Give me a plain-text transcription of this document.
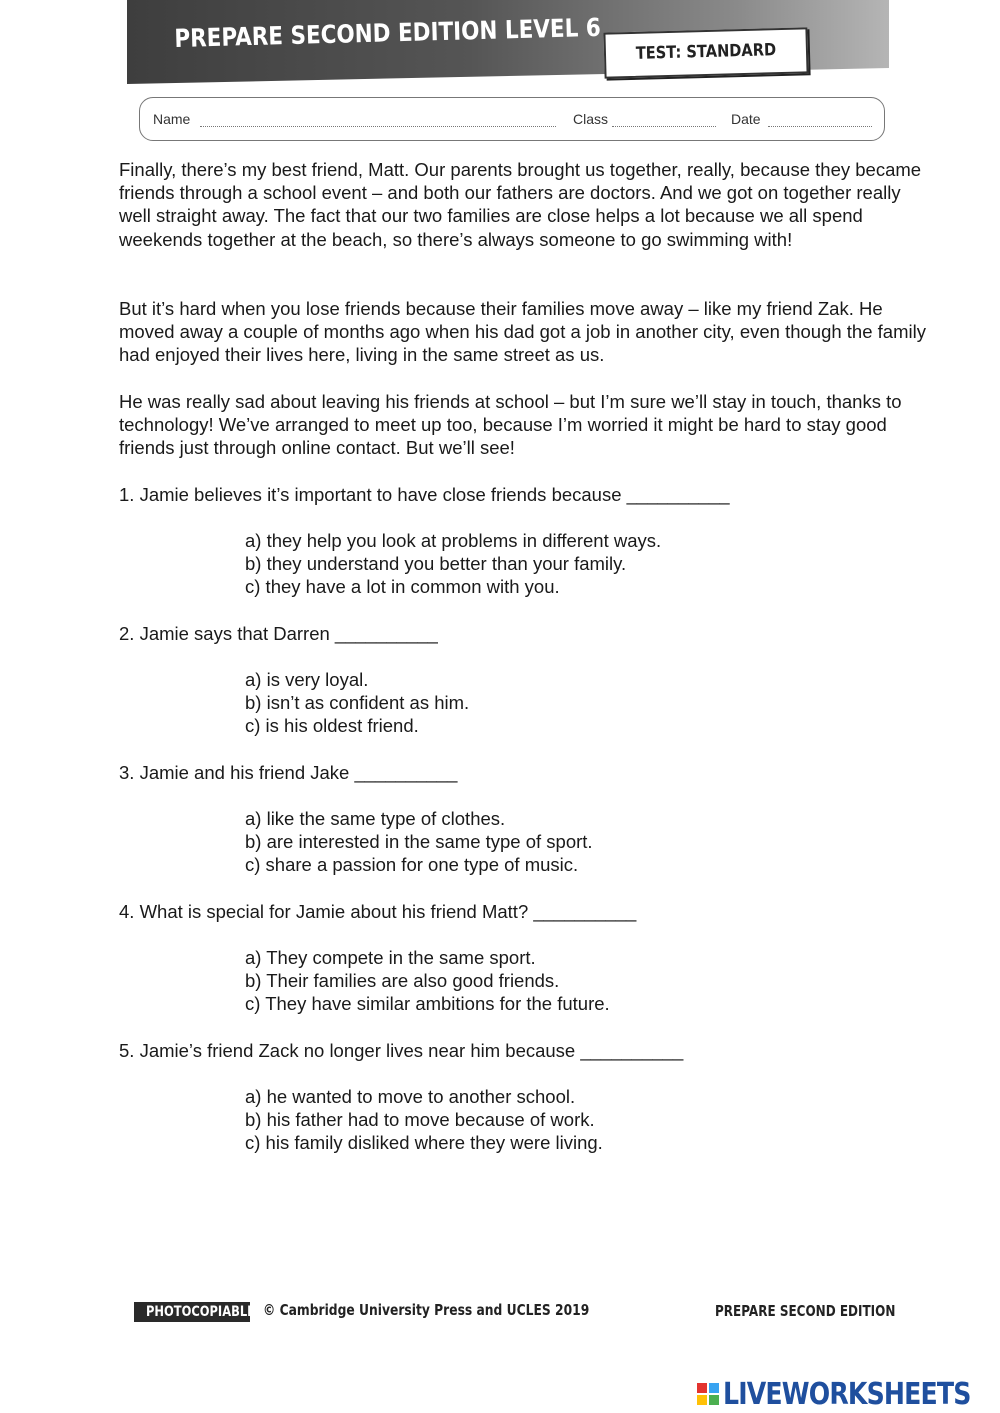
PREPARE SECOND EDITION LEVEL 6	TEST: STANDARD
Name	Class	Date

Finally, there’s my best friend, Matt. Our parents brought us together, really, because they became friends through a school event – and both our fathers are doctors. And we got on together really well straight away. The fact that our two families are close helps a lot because we all spend weekends together at the beach, so there’s always someone to go swimming with!

But it’s hard when you lose friends because their families move away – like my friend Zak. He moved away a couple of months ago when his dad got a job in another city, even though the family had enjoyed their lives here, living in the same street as us.

He was really sad about leaving his friends at school – but I’m sure we’ll stay in touch, thanks to technology! We’ve arranged to meet up too, because I’m worried it might be hard to stay good friends just through online contact. But we’ll see!

1. Jamie believes it’s important to have close friends because __________
a) they help you look at problems in different ways.
b) they understand you better than your family.
c) they have a lot in common with you.
2. Jamie says that Darren __________
a) is very loyal.
b) isn’t as confident as him.
c) is his oldest friend.
3. Jamie and his friend Jake __________
a) like the same type of clothes.
b) are interested in the same type of sport.
c) share a passion for one type of music.
4. What is special for Jamie about his friend Matt? __________
a) They compete in the same sport.
b) Their families are also good friends.
c) They have similar ambitions for the future.
5. Jamie’s friend Zack no longer lives near him because __________
a) he wanted to move to another school.
b) his father had to move because of work.
c) his family disliked where they were living.
PHOTOCOPIABLE © Cambridge University Press and UCLES 2019	PREPARE SECOND EDITION
LIVEWORKSHEETS
